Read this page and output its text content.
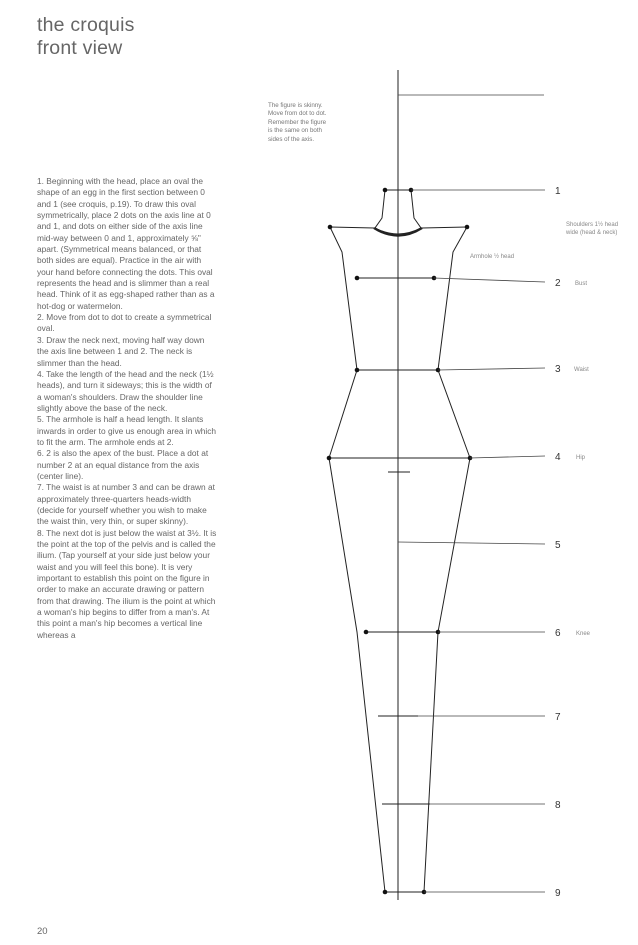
the croquis
front view
The figure is skinny.
Move from dot to dot.
Remember the figure
is the same on both
sides of the axis.

1. Beginning with the head, place an oval the shape of an egg in the first section between 0 and 1 (see croquis, p.19). To draw this oval symmetrically, place 2 dots on the axis line at 0 and 1, and dots on either side of the axis line mid-way between 0 and 1, approximately ⅝" apart. (Symmetrical means balanced, or that both sides are equal). Practice in the air with your hand before connecting the dots. This oval represents the head and is slimmer than a real head. Think of it as egg-shaped rather than as a hot-dog or watermelon.

2. Move from dot to dot to create a symmetrical oval.

3. Draw the neck next, moving half way down the axis line between 1 and 2. The neck is slimmer than the head.

4. Take the length of the head and the neck (1½ heads), and turn it sideways; this is the width of a woman's shoulders. Draw the shoulder line slightly above the base of the neck.

5. The armhole is half a head length. It slants inwards in order to give us enough area in which to fit the arm. The armhole ends at 2.

6. 2 is also the apex of the bust. Place a dot at number 2 at an equal distance from the axis (center line).

7. The waist is at number 3 and can be drawn at approximately three-quarters heads-width (decide for yourself whether you wish to make the waist thin, very thin, or super skinny).

8. The next dot is just below the waist at 3½. It is the point at the top of the pelvis and is called the ilium. (Tap yourself at your side just below your waist and you will feel this bone). It is very important to establish this point on the figure in order to make an accurate drawing or pattern from that drawing. The ilium is the point at which a woman's hip begins to differ from a man's. At this point a man's hip becomes a vertical line whereas a

1
2
3
4
5
6
7
8
9
Bust
Waist
Hip
Knee
Shoulders 1½ head
wide (head & neck)
Armhole ½ head
20
